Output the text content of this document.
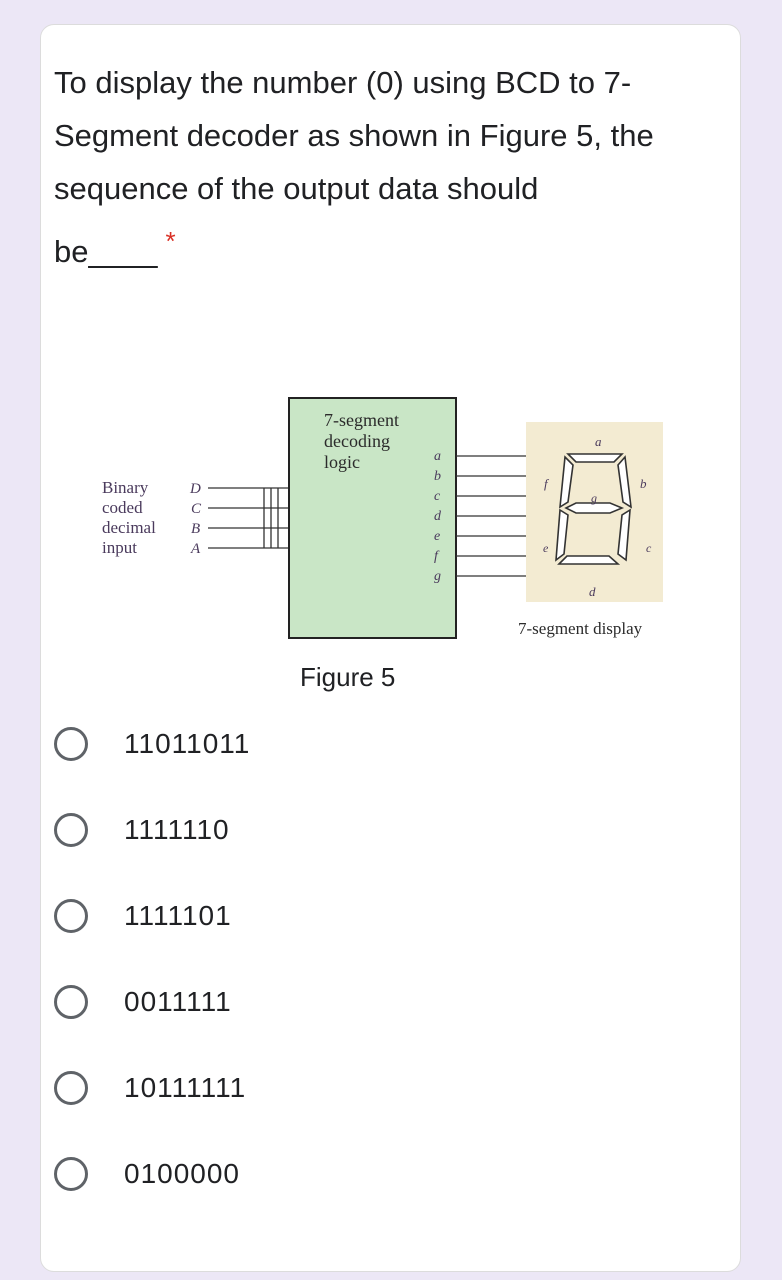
To display the number (0) using BCD to 7-Segment decoder as shown in Figure 5, the sequence of the output data should be____ *
Binary
coded
decimal
input
D
C
B
A
7-segment
decoding
logic	a
b
c
d
e
f
g
a
b
c
d
e
f
g
7-segment display
Figure 5
11011011
1111110
1111101
0011111
10111111
0100000
